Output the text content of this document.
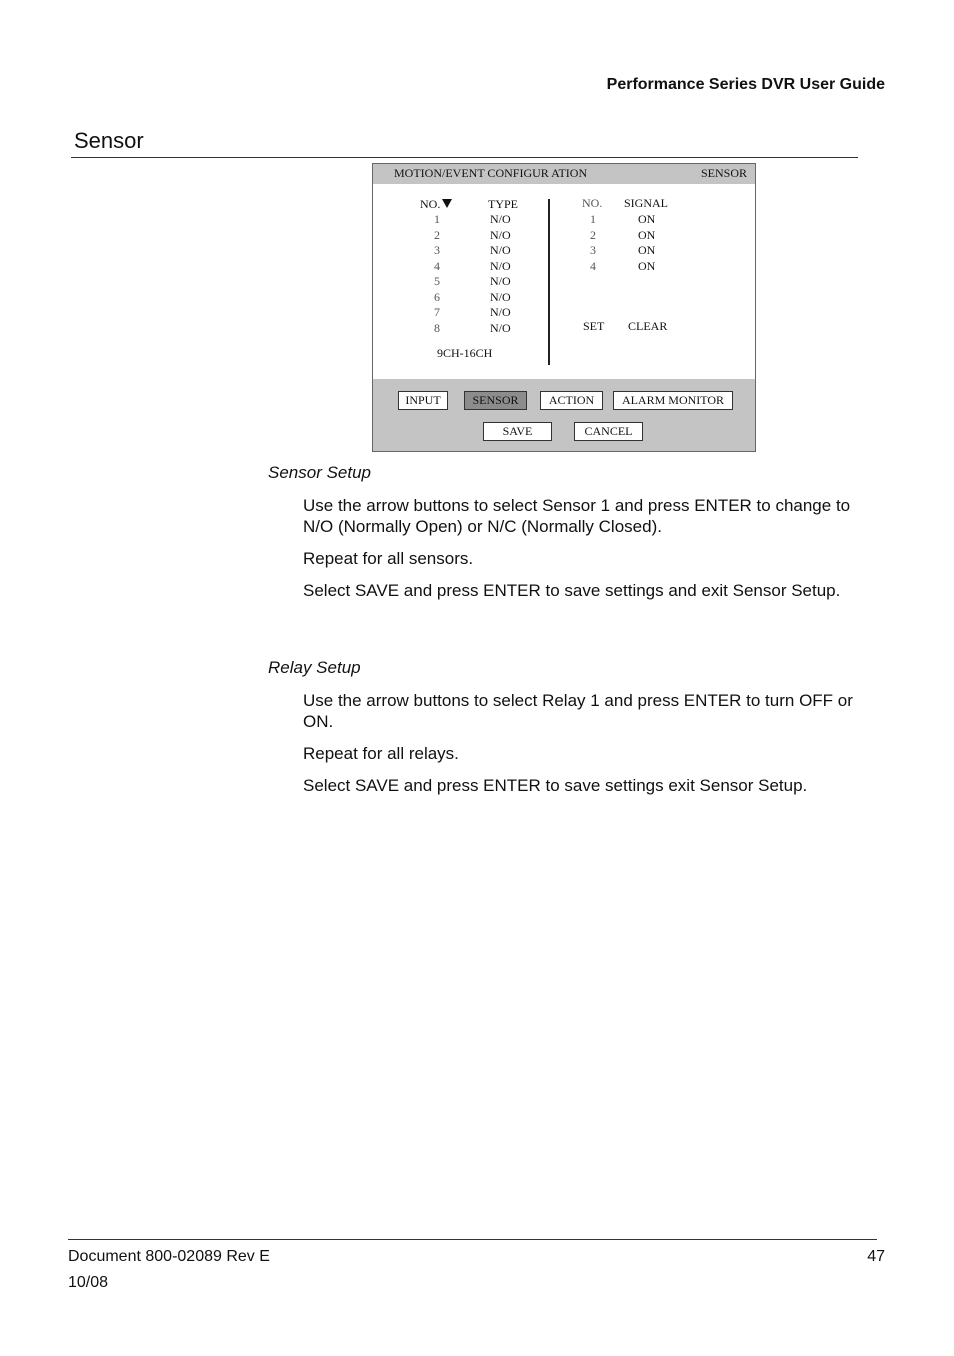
Performance Series DVR User Guide
Sensor
MOTION/EVENT CONFIGUR ATION	SENSOR
NO.	TYPE
1	N/O
2	N/O
3	N/O
4	N/O
5	N/O
6	N/O
7	N/O
8	N/O
9CH-16CH
NO. SIGNAL
1	ON
2	ON
3	ON
4	ON
SET CLEAR
INPUT	SENSOR	ACTION	ALARM MONITOR
SAVE	CANCEL
Sensor Setup
Use the arrow buttons to select Sensor 1 and press ENTER to change to N/O (Normally Open) or N/C (Normally Closed).
Repeat for all sensors.
Select SAVE and press ENTER to save settings and exit Sensor Setup.
Relay Setup
Use the arrow buttons to select Relay 1 and press ENTER to turn OFF or ON.
Repeat for all relays.
Select SAVE and press ENTER to save settings exit Sensor Setup.
Document 800-02089 Rev E
10/08
47
